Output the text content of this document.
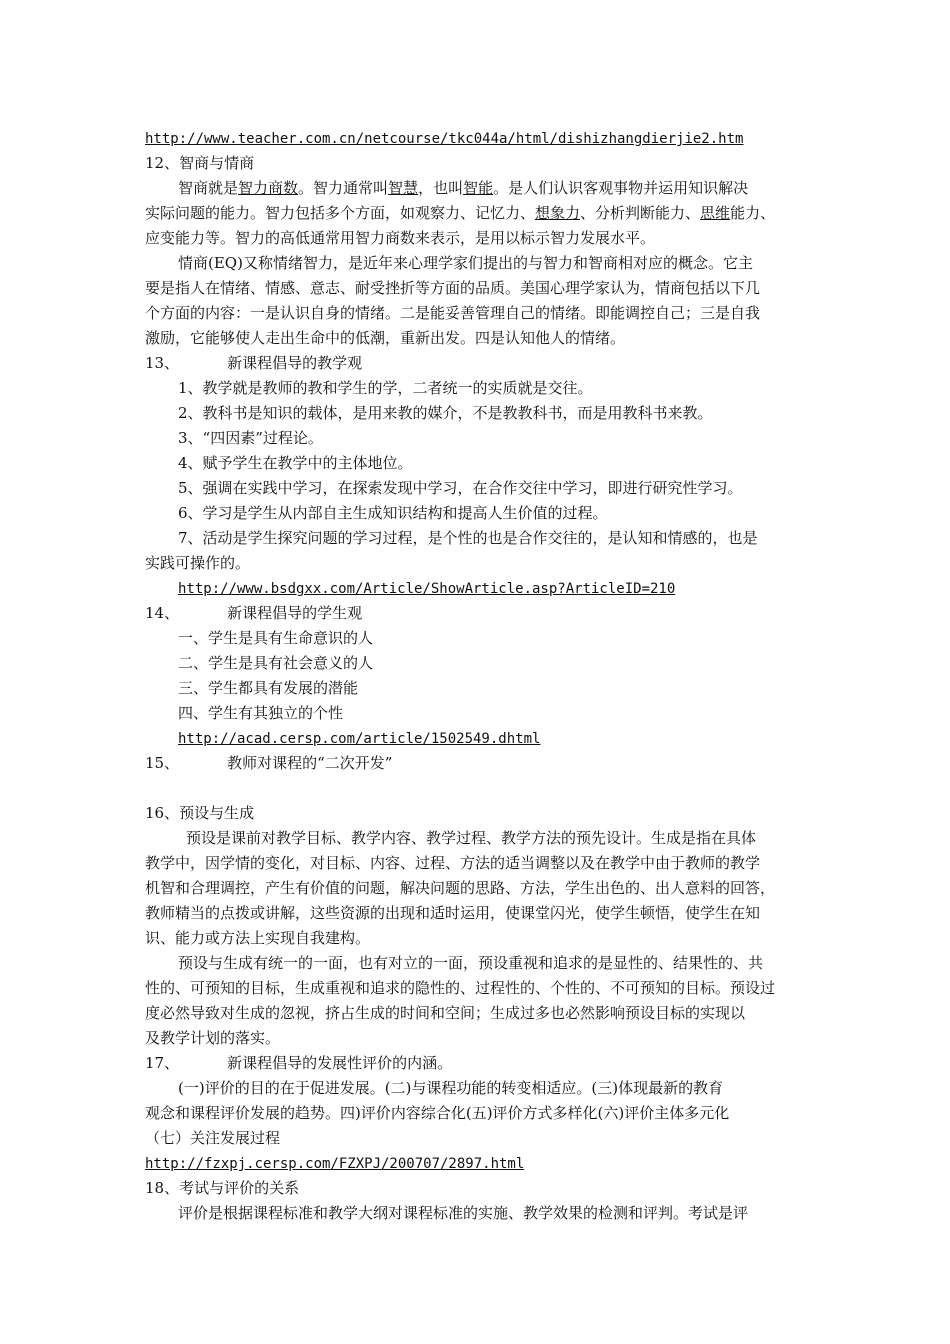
http://www.teacher.com.cn/netcourse/tkc044a/html/dishizhangdierjie2.htm
12、智商与情商
智商就是智力商数。智力通常叫智慧，也叫智能。是人们认识客观事物并运用知识解决
实际问题的能力。智力包括多个方面，如观察力、记忆力、想象力、分析判断能力、思维能力、
应变能力等。智力的高低通常用智力商数来表示，是用以标示智力发展水平。
情商(EQ)又称情绪智力，是近年来心理学家们提出的与智力和智商相对应的概念。它主
要是指人在情绪、情感、意志、耐受挫折等方面的品质。美国心理学家认为，情商包括以下几
个方面的内容：一是认识自身的情绪。二是能妥善管理自己的情绪。即能调控自己；三是自我
激励，它能够使人走出生命中的低潮，重新出发。四是认知他人的情绪。
13、	新课程倡导的教学观
1、教学就是教师的教和学生的学，二者统一的实质就是交往。
2、教科书是知识的载体，是用来教的媒介，不是教教科书，而是用教科书来教。
3、“四因素”过程论。
4、赋予学生在教学中的主体地位。
5、强调在实践中学习，在探索发现中学习，在合作交往中学习，即进行研究性学习。
6、学习是学生从内部自主生成知识结构和提高人生价值的过程。
7、活动是学生探究问题的学习过程，是个性的也是合作交往的，是认知和情感的，也是
实践可操作的。
http://www.bsdgxx.com/Article/ShowArticle.asp?ArticleID=210
14、	新课程倡导的学生观
一、学生是具有生命意识的人
二、学生是具有社会意义的人
三、学生都具有发展的潜能
四、学生有其独立的个性
http://acad.cersp.com/article/1502549.dhtml
15、	教师对课程的“二次开发”
16、预设与生成
预设是课前对教学目标、教学内容、教学过程、教学方法的预先设计。生成是指在具体
教学中，因学情的变化，对目标、内容、过程、方法的适当调整以及在教学中由于教师的教学
机智和合理调控，产生有价值的问题，解决问题的思路、方法，学生出色的、出人意料的回答，
教师精当的点拨或讲解，这些资源的出现和适时运用，使课堂闪光，使学生顿悟，使学生在知
识、能力或方法上实现自我建构。
预设与生成有统一的一面，也有对立的一面，预设重视和追求的是显性的、结果性的、共
性的、可预知的目标，生成重视和追求的隐性的、过程性的、个性的、不可预知的目标。预设过
度必然导致对生成的忽视，挤占生成的时间和空间；生成过多也必然影响预设目标的实现以
及教学计划的落实。
17、	新课程倡导的发展性评价的内涵。
(一)评价的目的在于促进发展。(二)与课程功能的转变相适应。(三)体现最新的教育
观念和课程评价发展的趋势。四)评价内容综合化(五)评价方式多样化(六)评价主体多元化
（七）关注发展过程
http://fzxpj.cersp.com/FZXPJ/200707/2897.html
18、考试与评价的关系
评价是根据课程标准和教学大纲对课程标准的实施、教学效果的检测和评判。考试是评
